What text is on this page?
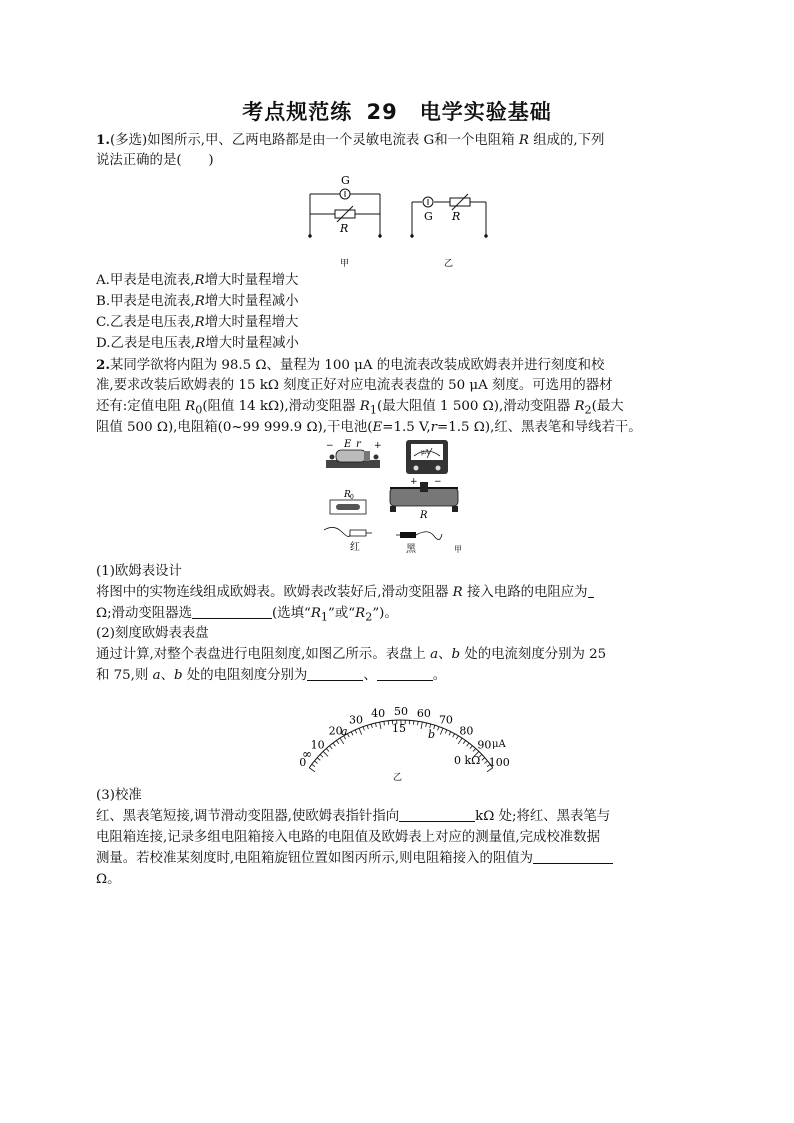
考点规范练 29　电学实验基础
1.(多选)如图所示,甲、乙两电路都是由一个灵敏电流表 G和一个电阻箱 R 组成的,下列
说法正确的是(　　)
G
R
G R
甲	乙
A.甲表是电流表,R增大时量程增大
B.甲表是电流表,R增大时量程减小
C.乙表是电压表,R增大时量程增大
D.乙表是电压表,R增大时量程减小
2.某同学欲将内阻为 98.5 Ω、量程为 100 μA 的电流表改装成欧姆表并进行刻度和校
准,要求改装后欧姆表的 15 kΩ 刻度正好对应电流表表盘的 50 μA 刻度。可选用的器材
还有:定值电阻 $R_0$(阻值 14 kΩ),滑动变阻器 $R_1$(最大阻值 1 500 Ω),滑动变阻器 $R_2$(最大
阻值 500 Ω),电阻箱(0~99 999.9 Ω),干电池(E=1.5 V,r=1.5 Ω),红、黑表笔和导线若干。
E r +
−
μA
+ −
R 0
R
红	黑	甲
(1)欧姆表设计
将图中的实物连线组成欧姆表。欧姆表改装好后,滑动变阻器 R 接入电路的电阻应为
Ω;滑动变阻器选	(选填“$R_1$”或“$R_2$”)。
(2)刻度欧姆表表盘
通过计算,对整个表盘进行电阻刻度,如图乙所示。表盘上 a、b 处的电流刻度分别为 25
和 75,则 a、b 处的电阻刻度分别为	、	。
0
10
20
30
40 50 60
70
80
90
100
15
a	b
∞	0 kΩ
μA
乙
(3)校准
红、黑表笔短接,调节滑动变阻器,使欧姆表指针指向	kΩ 处;将红、黑表笔与
电阻箱连接,记录多组电阻箱接入电路的电阻值及欧姆表上对应的测量值,完成校准数据
测量。若校准某刻度时,电阻箱旋钮位置如图丙所示,则电阻箱接入的阻值为
Ω。
